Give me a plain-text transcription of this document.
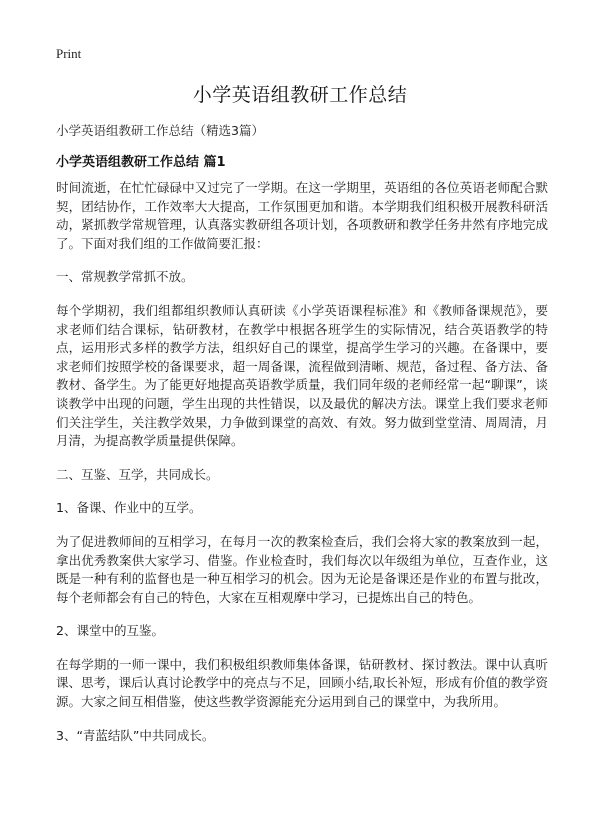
Print
小学英语组教研工作总结
小学英语组教研工作总结（精选3篇）
小学英语组教研工作总结 篇1

时间流逝，在忙忙碌碌中又过完了一学期。在这一学期里，英语组的各位英语老师配合默契，团结协作，工作效率大大提高，工作氛围更加和谐。本学期我们组积极开展教科研活动，紧抓教学常规管理，认真落实教研组各项计划，各项教研和教学任务井然有序地完成了。下面对我们组的工作做简要汇报：

一、常规教学常抓不放。

每个学期初，我们组都组织教师认真研读《小学英语课程标准》和《教师备课规范》，要求老师们结合课标，钻研教材，在教学中根据各班学生的实际情况，结合英语教学的特点，运用形式多样的教学方法，组织好自己的课堂，提高学生学习的兴趣。在备课中，要求老师们按照学校的备课要求，超一周备课，流程做到清晰、规范，备过程、备方法、备教材、备学生。为了能更好地提高英语教学质量，我们同年级的老师经常一起“聊课”，谈谈教学中出现的问题，学生出现的共性错误，以及最优的解决方法。课堂上我们要求老师们关注学生，关注教学效果，力争做到课堂的高效、有效。努力做到堂堂清、周周清，月月清，为提高教学质量提供保障。

二、互鉴、互学，共同成长。

1、备课、作业中的互学。

为了促进教师间的互相学习，在每月一次的教案检查后，我们会将大家的教案放到一起，拿出优秀教案供大家学习、借鉴。作业检查时，我们每次以年级组为单位，互查作业，这既是一种有利的监督也是一种互相学习的机会。因为无论是备课还是作业的布置与批改，每个老师都会有自己的特色，大家在互相观摩中学习，已提炼出自己的特色。

2、课堂中的互鉴。

在每学期的一师一课中，我们积极组织教师集体备课，钻研教材、探讨教法。课中认真听课、思考，课后认真讨论教学中的亮点与不足，回顾小结,取长补短，形成有价值的教学资源。大家之间互相借鉴，使这些教学资源能充分运用到自己的课堂中，为我所用。

3、“青蓝结队”中共同成长。
